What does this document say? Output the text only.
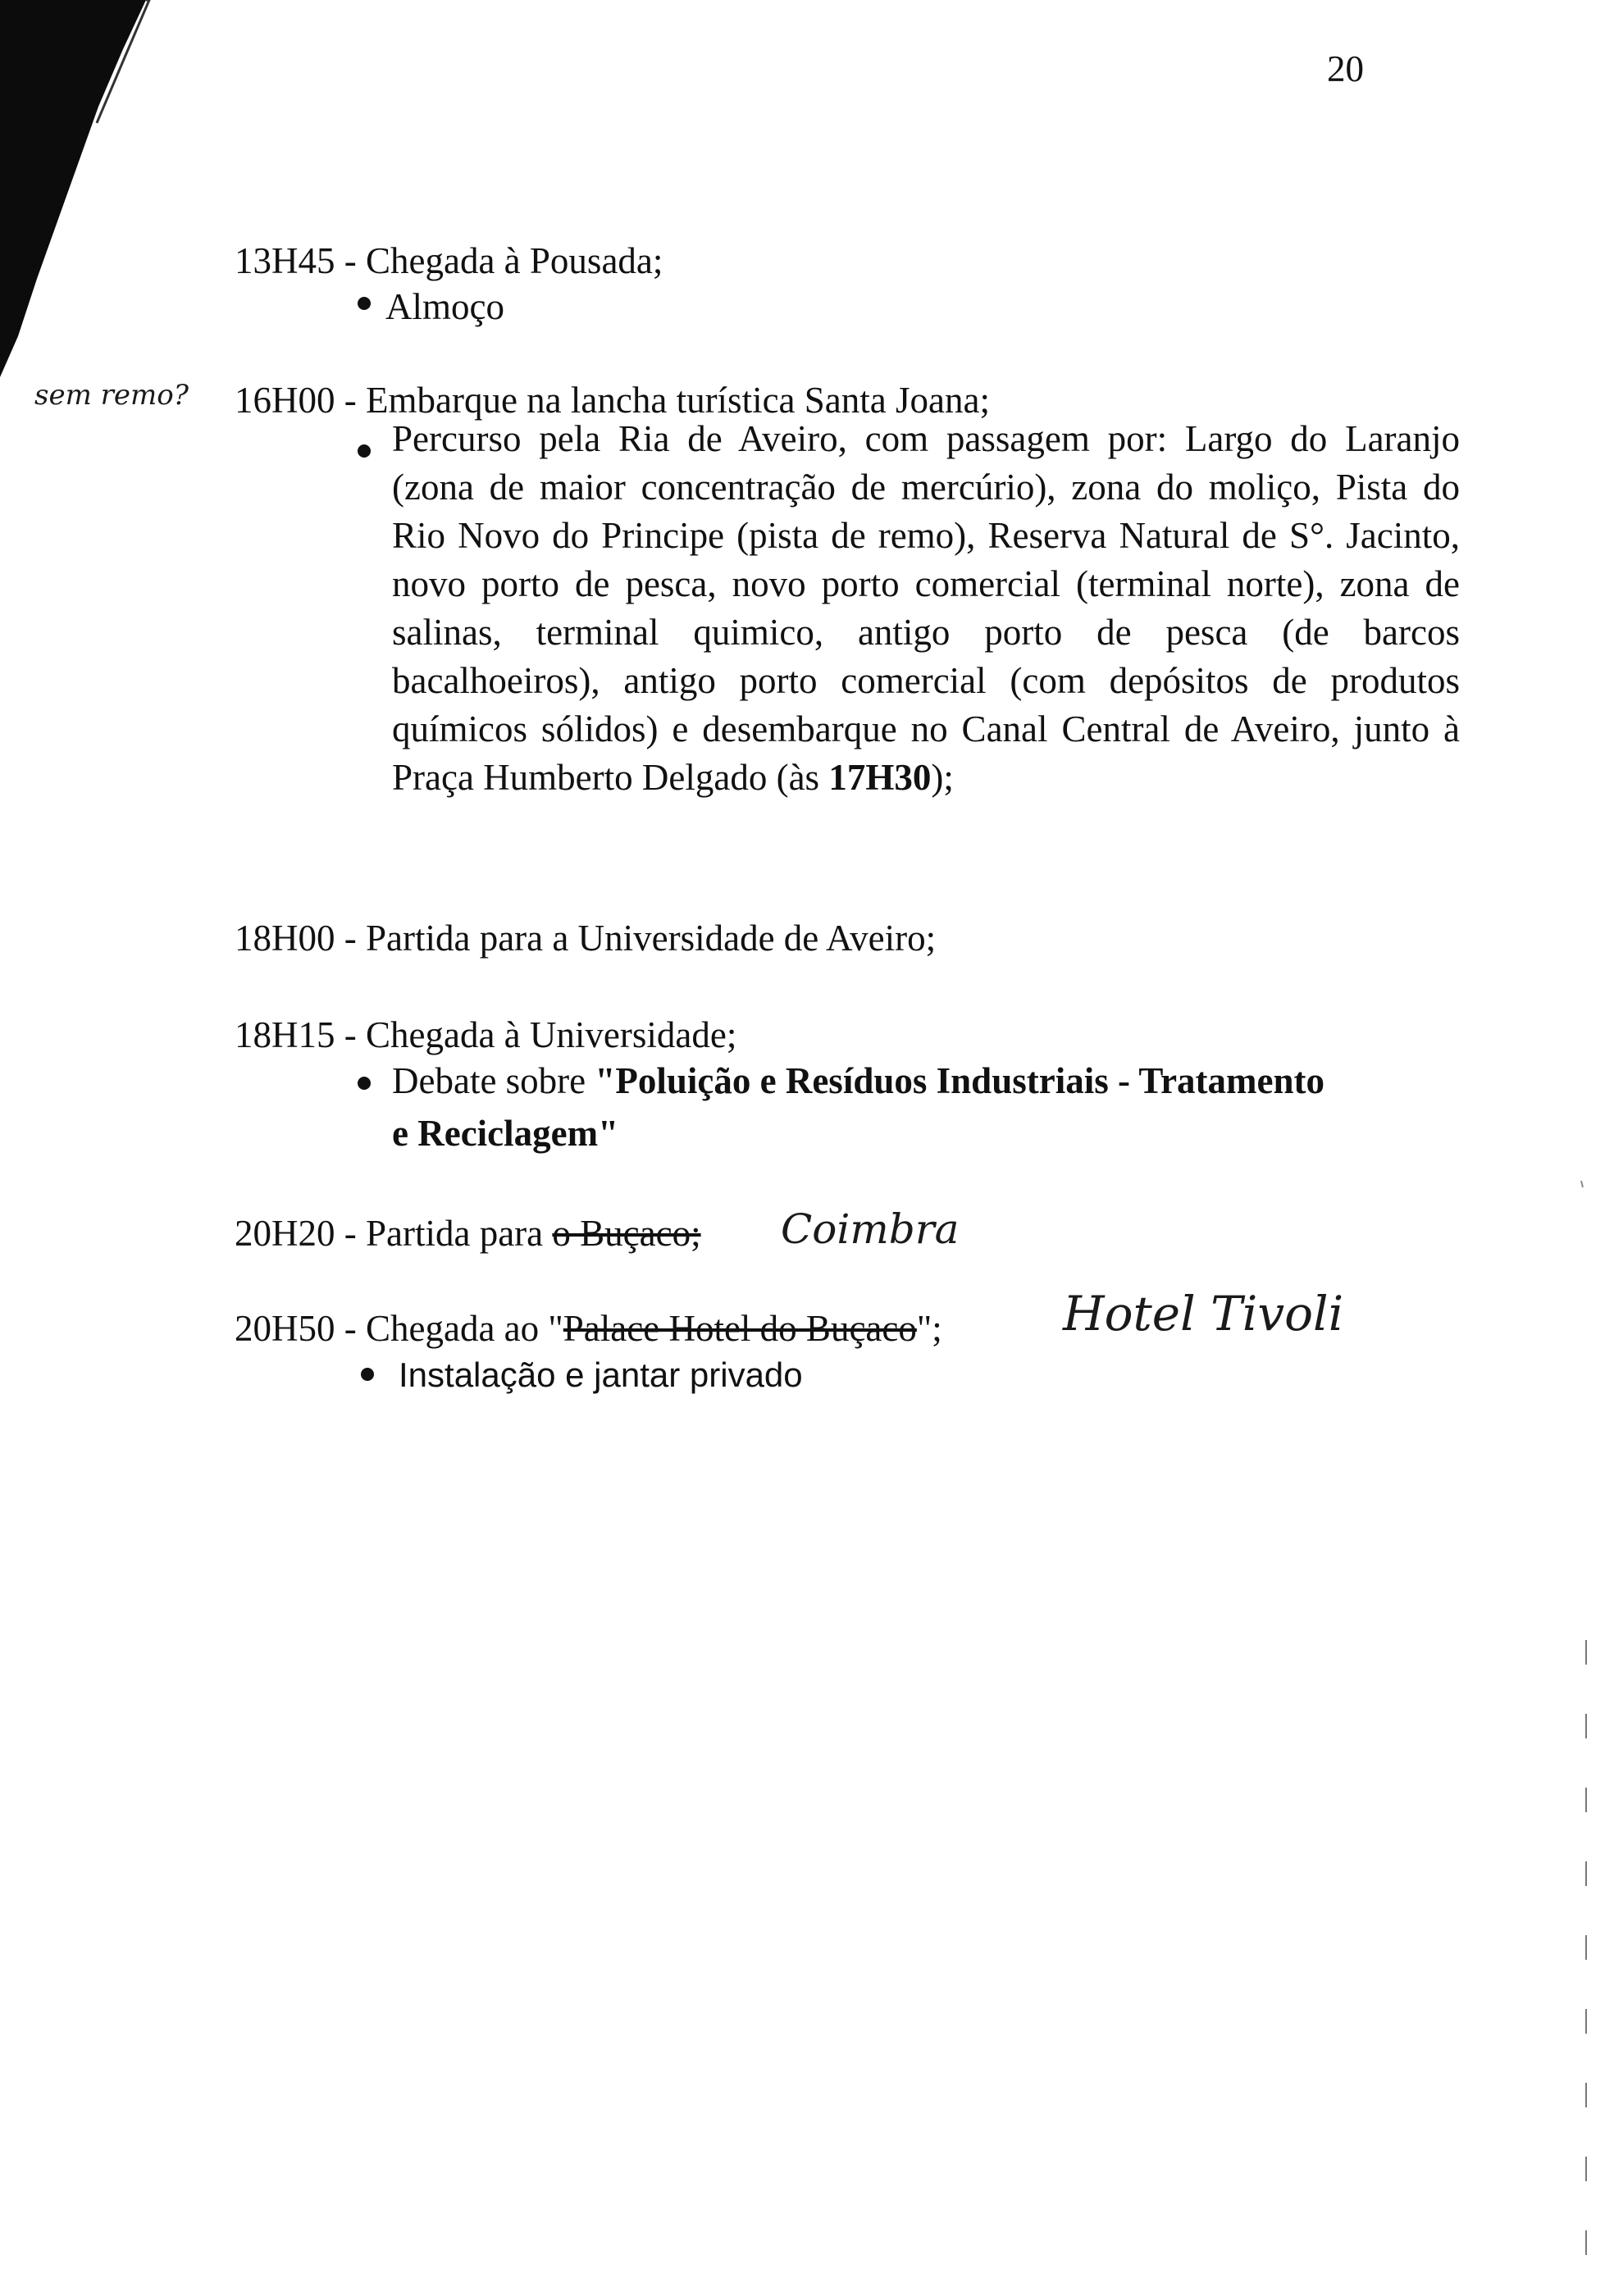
20
13H45 - Chegada à Pousada;
Almoço
sem remo? 16H00 - Embarque na lancha turística Santa Joana;
Percurso pela Ria de Aveiro, com passagem por: Largo do Laranjo (zona de maior concentração de mercúrio), zona do moliço, Pista do Rio Novo do Principe (pista de remo), Reserva Natural de S°. Jacinto, novo porto de pesca, novo porto comercial (terminal norte), zona de salinas, terminal quimico, antigo porto de pesca (de barcos bacalhoeiros), antigo porto comercial (com depósitos de produtos químicos sólidos) e desembarque no Canal Central de Aveiro, junto à Praça Humberto Delgado (às 17H30);
18H00 - Partida para a Universidade de Aveiro;
18H15 - Chegada à Universidade;
Debate sobre "Poluição e Resíduos Industriais - Tratamento
e Reciclagem"
20H20 - Partida para o Buçaco; Coimbra
20H50 - Chegada ao "Palace Hotel do Buçaco";	Hotel Tivoli
Instalação e jantar privado
